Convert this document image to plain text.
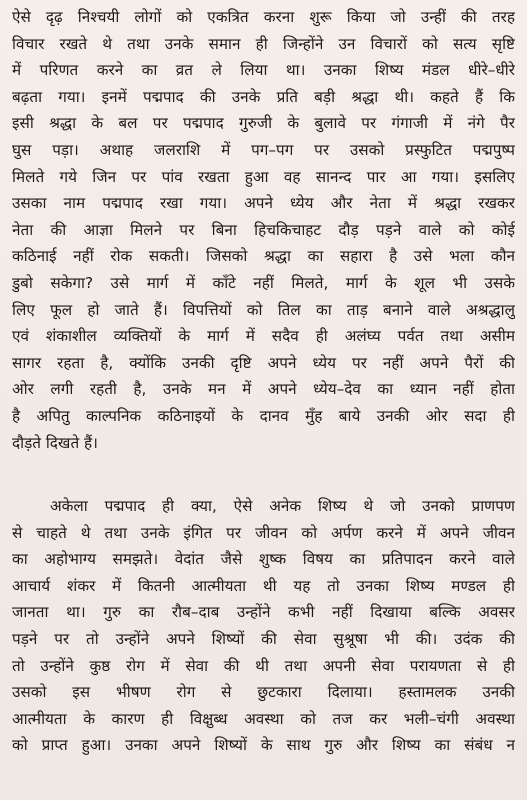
ऐसे दृढ़ निश्चयी लोगों को एकत्रित करना शुरू किया जो उन्हीं की तरह
विचार रखते थे तथा उनके समान ही जिन्होंने उन विचारों को सत्य सृष्टि
में परिणत करने का व्रत ले लिया था। उनका शिष्य मंडल धीरे–धीरे
बढ़ता गया। इनमें पद्मपाद की उनके प्रति बड़ी श्रद्धा थी। कहते हैं कि
इसी श्रद्धा के बल पर पद्मपाद गुरुजी के बुलावे पर गंगाजी में नंगे पैर
घुस पड़ा। अथाह जलराशि में पग–पग पर उसको प्रस्फुटित पद्मपुष्प
मिलते गये जिन पर पांव रखता हुआ वह सानन्द पार आ गया। इसलिए
उसका नाम पद्मपाद रखा गया। अपने ध्येय और नेता में श्रद्धा रखकर
नेता की आज्ञा मिलने पर बिना हिचकिचाहट दौड़ पड़ने वाले को कोई
कठिनाई नहीं रोक सकती। जिसको श्रद्धा का सहारा है उसे भला कौन
डुबो सकेगा? उसे मार्ग में काँटे नहीं मिलते, मार्ग के शूल भी उसके
लिए फूल हो जाते हैं। विपत्तियों को तिल का ताड़ बनाने वाले अश्रद्धालु
एवं शंकाशील व्यक्तियों के मार्ग में सदैव ही अलंघ्य पर्वत तथा असीम
सागर रहता है, क्योंकि उनकी दृष्टि अपने ध्येय पर नहीं अपने पैरों की
ओर लगी रहती है, उनके मन में अपने ध्येय–देव का ध्यान नहीं होता
है अपितु काल्पनिक कठिनाइयों के दानव मुँह बाये उनकी ओर सदा ही
दौड़ते दिखते हैं।
अकेला पद्मपाद ही क्या, ऐसे अनेक शिष्य थे जो उनको प्राणपण
से चाहते थे तथा उनके इंगित पर जीवन को अर्पण करने में अपने जीवन
का अहोभाग्य समझते। वेदांत जैसे शुष्क विषय का प्रतिपादन करने वाले
आचार्य शंकर में कितनी आत्मीयता थी यह तो उनका शिष्य मण्डल ही
जानता था। गुरु का रौब–दाब उन्होंने कभी नहीं दिखाया बल्कि अवसर
पड़ने पर तो उन्होंने अपने शिष्यों की सेवा सुश्रूषा भी की। उदंक की
तो उन्होंने कुष्ठ रोग में सेवा की थी तथा अपनी सेवा परायणता से ही
उसको इस भीषण रोग से छुटकारा दिलाया। हस्तामलक उनकी
आत्मीयता के कारण ही विक्षुब्ध अवस्था को तज कर भली–चंगी अवस्था
को प्राप्त हुआ। उनका अपने शिष्यों के साथ गुरु और शिष्य का संबंध न
